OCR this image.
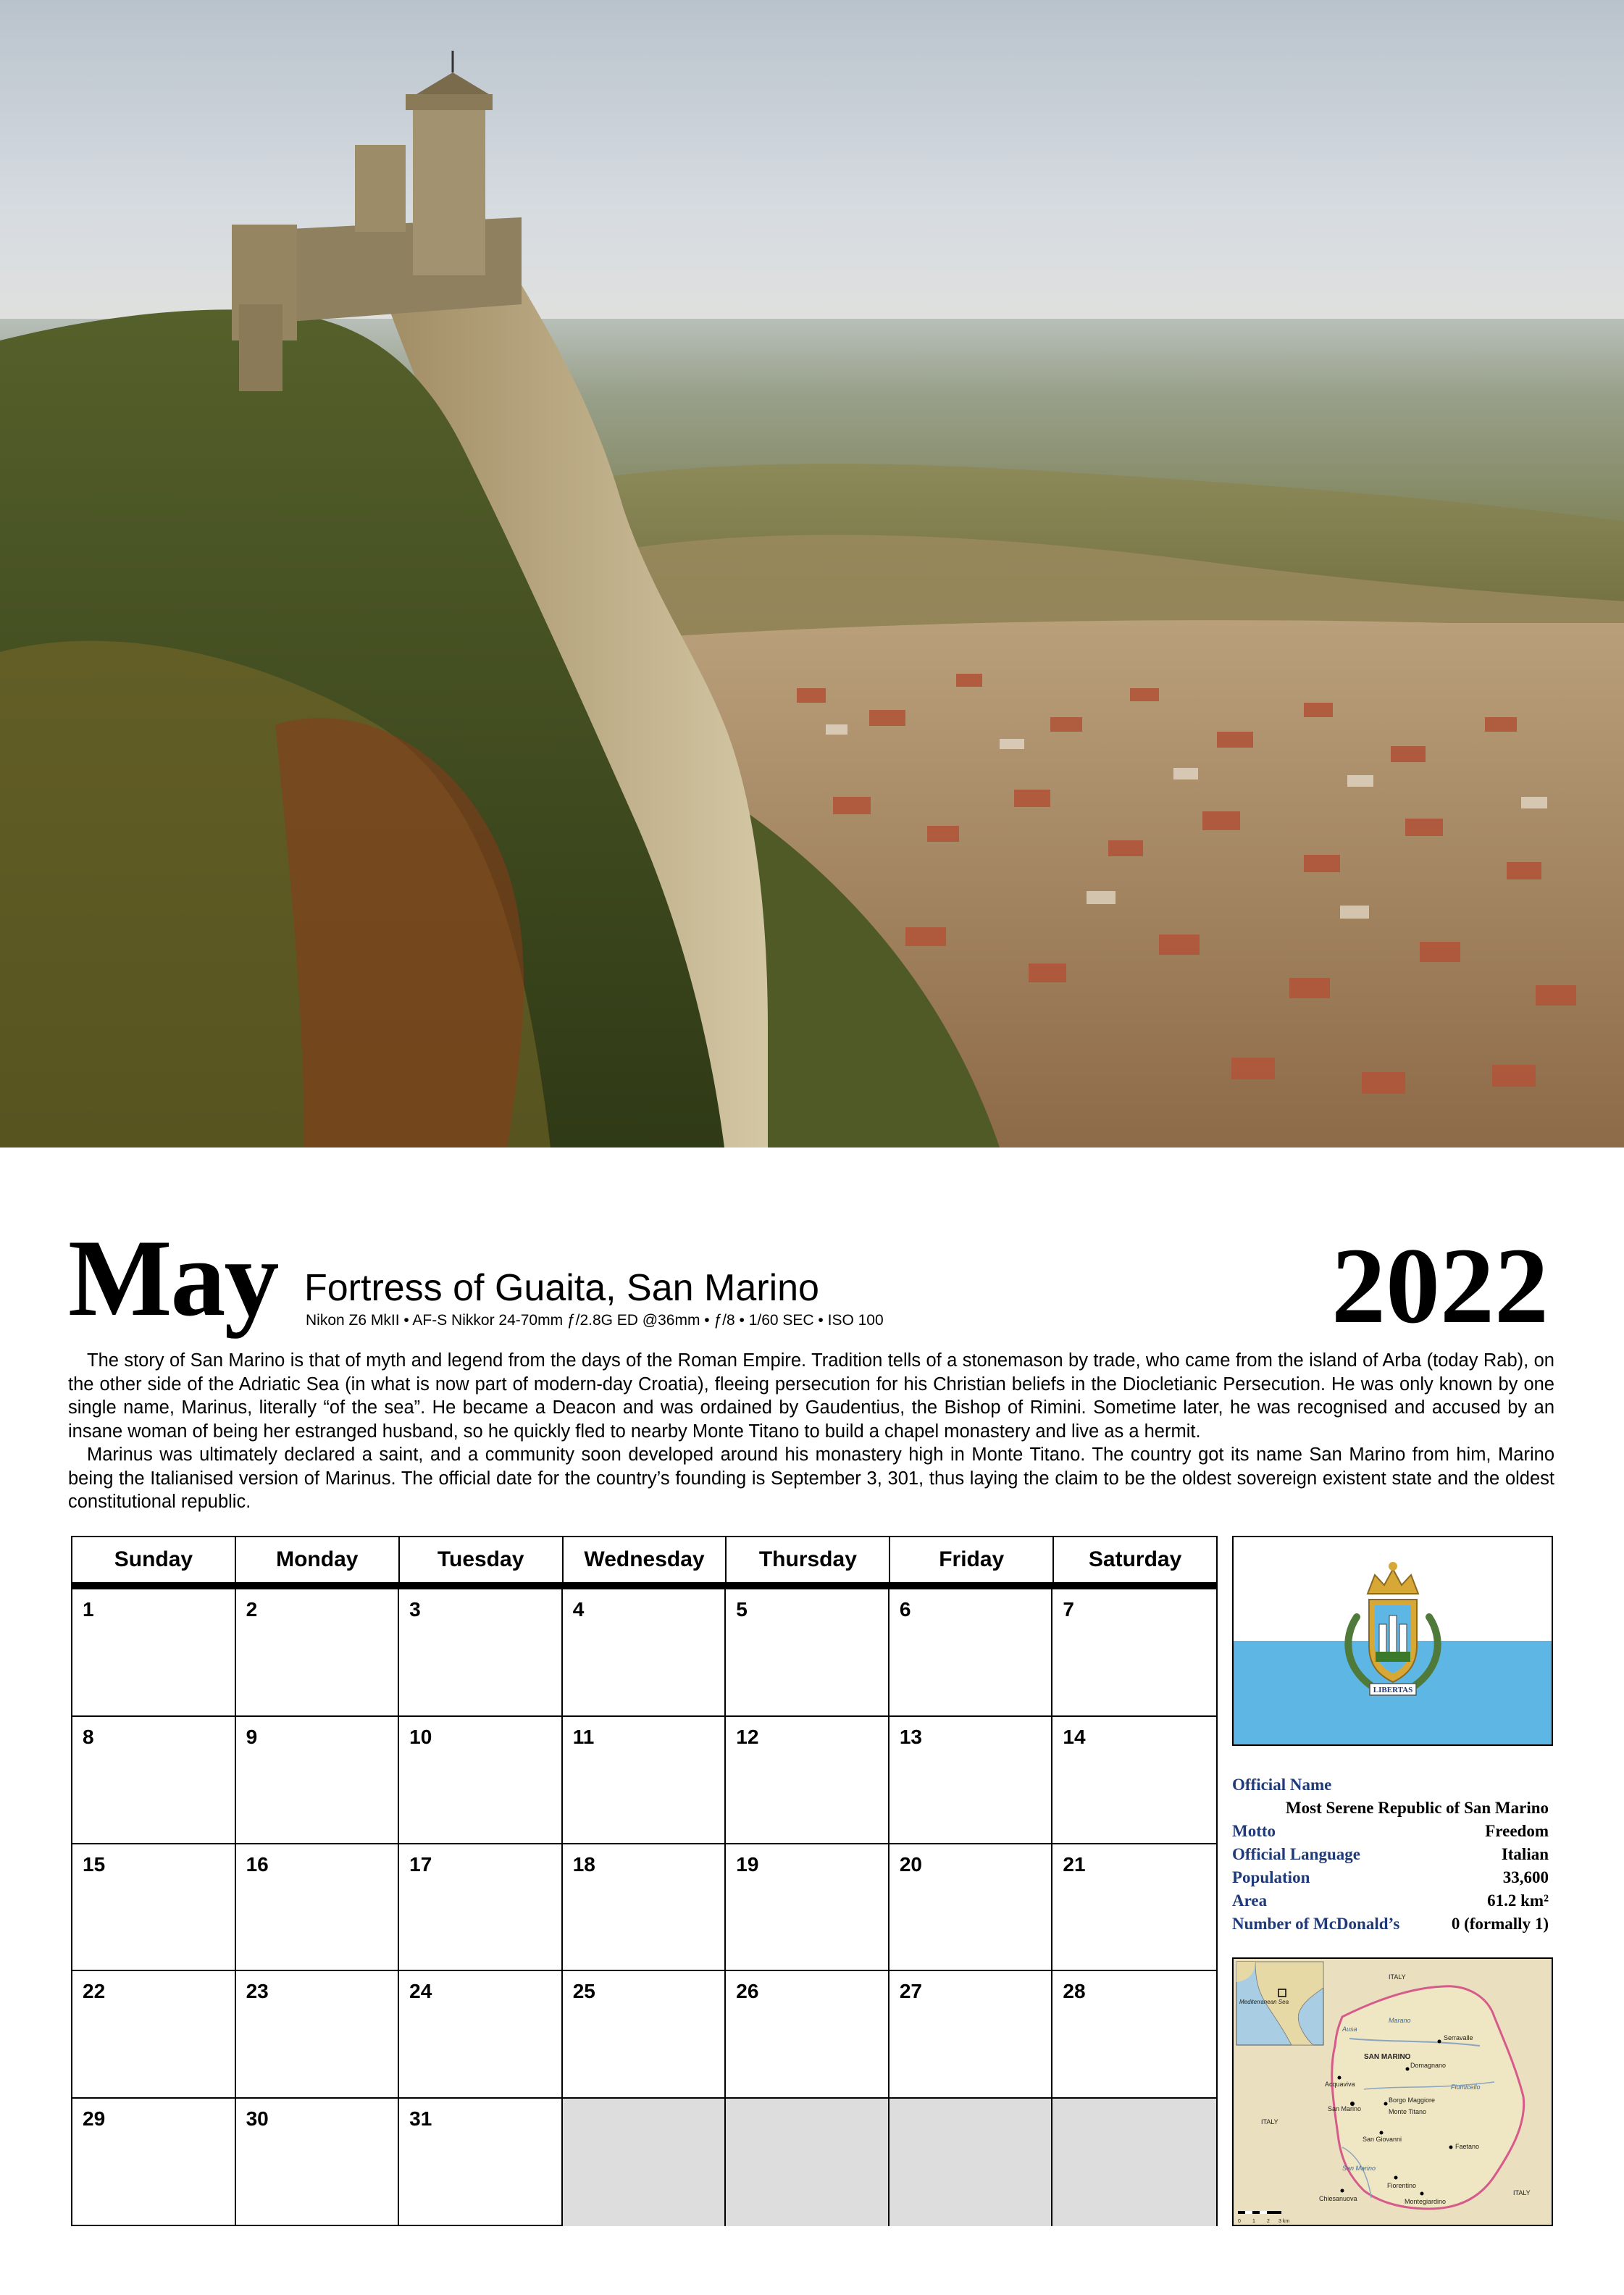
May Fortress of Guaita, San Marino
Nikon Z6 MkII • AF-S Nikkor 24-70mm ƒ/2.8G ED @36mm • ƒ/8 • 1/60 SEC • ISO 100	2022

The story of San Marino is that of myth and legend from the days of the Roman Empire. Tradition tells of a stonemason by trade, who came from the island of Arba (today Rab), on the other side of the Adriatic Sea (in what is now part of modern-day Croatia), fleeing persecution for his Christian beliefs in the Diocletianic Persecution. He was only known by one single name, Marinus, literally “of the sea”. He became a Deacon and was ordained by Gaudentius, the Bishop of Rimini. Sometime later, he was recognised and accused by an insane woman of being her estranged husband, so he quickly fled to nearby Monte Titano to build a chapel monastery and live as a hermit.

Marinus was ultimately declared a saint, and a community soon developed around his monastery high in Monte Titano. The country got its name San Marino from him, Marino being the Italianised version of Marinus. The official date for the country’s founding is September 3, 301, thus laying the claim to be the oldest sovereign existent state and the oldest constitutional republic.

Sunday	Monday	Tuesday	Wednesday	Thursday	Friday	Saturday
1	2	3	4	5	6	7
8	9	10	11	12	13	14
15	16	17	18	19	20	21
22	23	24	25	26	27	28
29	30	31
LIBERTAS
Official Name
Most Serene Republic of San Marino
Motto	Freedom
Official Language	Italian
Population	33,600
Area	61.2 km²
Number of McDonald’s	0 (formally 1)
Mediterranean Sea
SAN MARINO
ITALY
ITALY
ITALY
Serravalle
Domagnano
Acquaviva
San Marino
Borgo Maggiore
Monte Titano
San Giovanni
Faetano
Fiorentino
Chiesanuova	Montegiardino
Marano
Ausa
Fiumicello
San Marino
0 1 2 3 km
